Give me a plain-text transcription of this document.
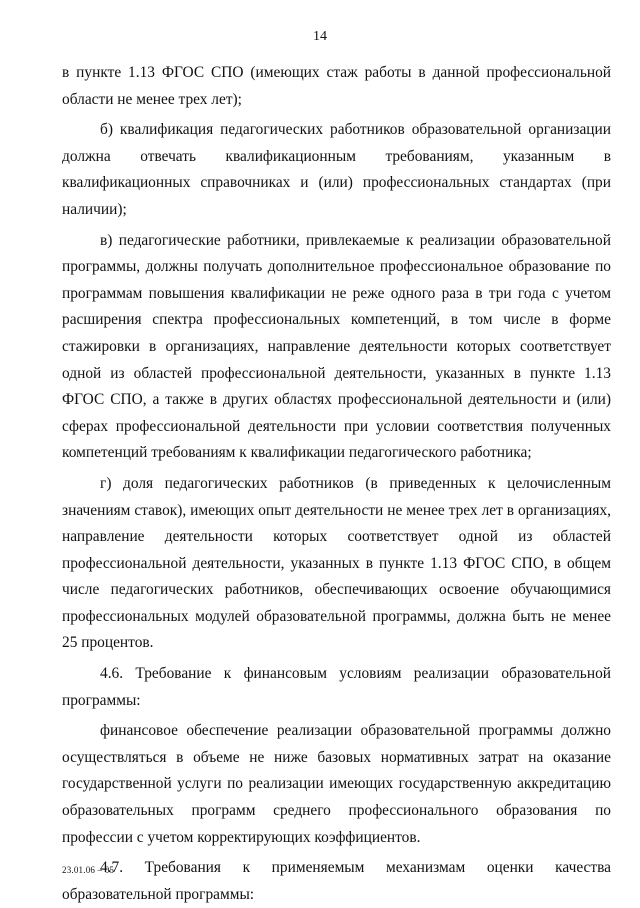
14

в пункте 1.13 ФГОС СПО (имеющих стаж работы в данной профессиональной области не менее трех лет);

б) квалификация педагогических работников образовательной организации должна отвечать квалификационным требованиям, указанным в квалификационных справочниках и (или) профессиональных стандартах (при наличии);

в) педагогические работники, привлекаемые к реализации образовательной программы, должны получать дополнительное профессиональное образование по программам повышения квалификации не реже одного раза в три года с учетом расширения спектра профессиональных компетенций, в том числе в форме стажировки в организациях, направление деятельности которых соответствует одной из областей профессиональной деятельности, указанных в пункте 1.13 ФГОС СПО, а также в других областях профессиональной деятельности и (или) сферах профессиональной деятельности при условии соответствия полученных компетенций требованиям к квалификации педагогического работника;

г) доля педагогических работников (в приведенных к целочисленным значениям ставок), имеющих опыт деятельности не менее трех лет в организациях, направление деятельности которых соответствует одной из областей профессиональной деятельности, указанных в пункте 1.13 ФГОС СПО, в общем числе педагогических работников, обеспечивающих освоение обучающимися профессиональных модулей образовательной программы, должна быть не менее 25 процентов.

4.6. Требование к финансовым условиям реализации образовательной программы:

финансовое обеспечение реализации образовательной программы должно осуществляться в объеме не ниже базовых нормативных затрат на оказание государственной услуги по реализации имеющих государственную аккредитацию образовательных программ среднего профессионального образования по профессии с учетом корректирующих коэффициентов.

4.7. Требования к применяемым механизмам оценки качества образовательной программы:

23.01.06 – 05
